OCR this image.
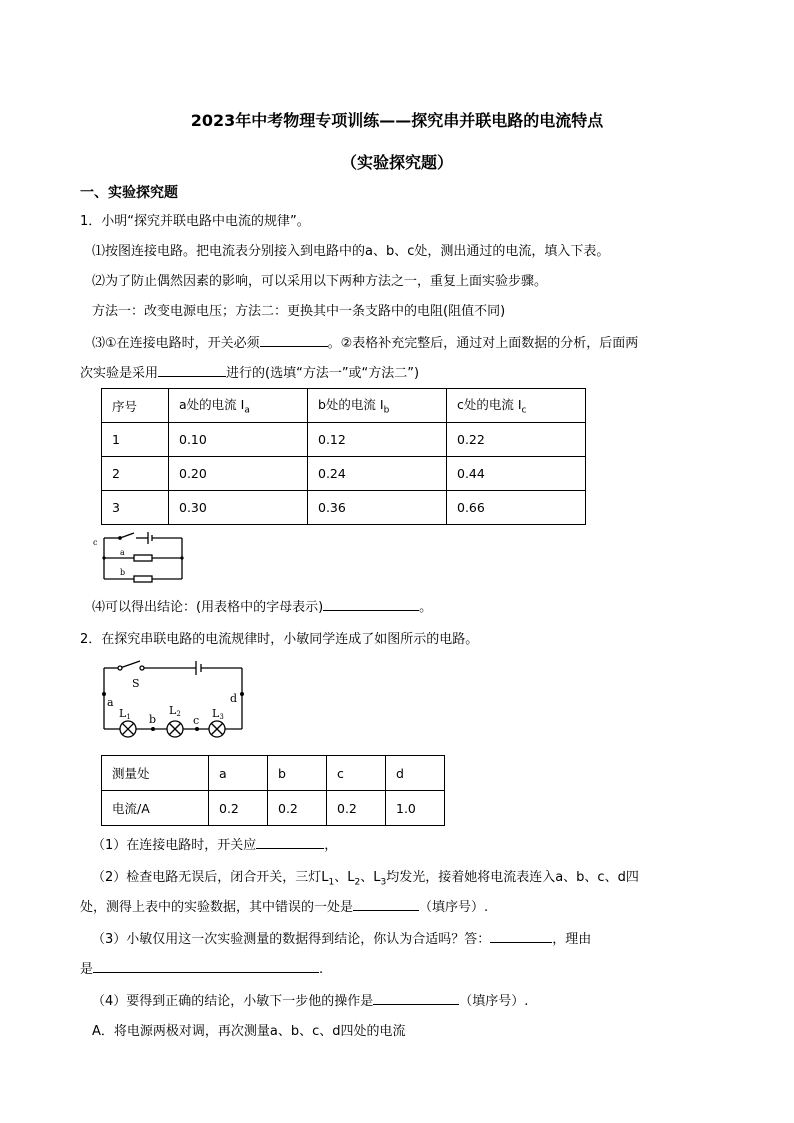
2023年中考物理专项训练——探究串并联电路的电流特点
（实验探究题）
一、实验探究题
1．小明“探究并联电路中电流的规律”。
⑴按图连接电路。把电流表分别接入到电路中的a、b、c处，测出通过的电流，填入下表。
⑵为了防止偶然因素的影响，可以采用以下两种方法之一，重复上面实验步骤。
方法一：改变电源电压；方法二：更换其中一条支路中的电阻(阻值不同)
⑶①在连接电路时，开关必须	。②表格补充完整后，通过对上面数据的分析，后面两
次实验是采用	进行的(选填“方法一”或“方法二”)
序号	a处的电流 $I_a$	b处的电流 $I_b$	c处的电流 $I_c$
1	0.10	0.12	0.22
2	0.20	0.24	0.44
3	0.30	0.36	0.66
c
a
b
⑷可以得出结论：(用表格中的字母表示)	。
2．在探究串联电路的电流规律时，小敏同学连成了如图所示的电路。
S
a	d
b	c
L1	L2	L3
测量处	a	b	c	d
电流/A	0.2	0.2	0.2	1.0
（1）在连接电路时，开关应	，
（2）检查电路无误后，闭合开关，三灯$L_1$、$L_2$、$L_3$均发光，接着她将电流表连入a、b、c、d四
处，测得上表中的实验数据，其中错误的一处是	（填序号）.
（3）小敏仅用这一次实验测量的数据得到结论，你认为合适吗？答：	，理由
是	.
（4）要得到正确的结论，小敏下一步他的操作是	（填序号）.
A．将电源两极对调，再次测量a、b、c、d四处的电流
